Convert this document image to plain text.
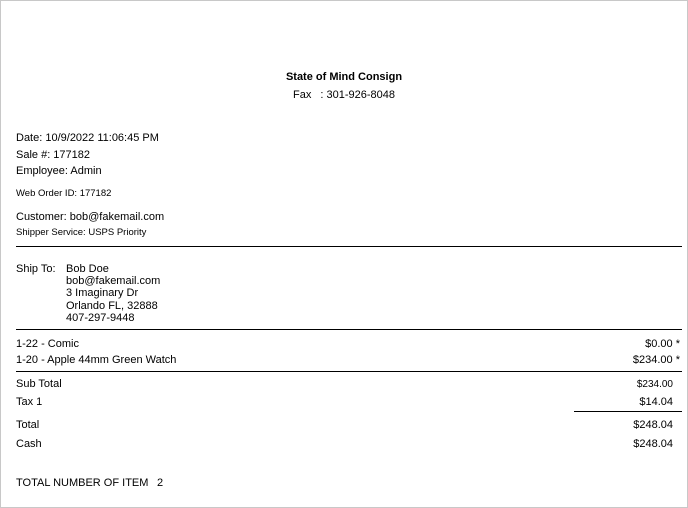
State of Mind Consign
Fax : 301-926-8048
Date: 10/9/2022 11:06:45 PM
Sale #: 177182
Employee: Admin
Web Order ID: 177182
Customer: bob@fakemail.com
Shipper Service: USPS Priority
Ship To: Bob Doe
bob@fakemail.com
3 Imaginary Dr
Orlando FL, 32888
407-297-9448
1-22 - Comic	$0.00 *
1-20 - Apple 44mm Green Watch	$234.00 *
Sub Total	$234.00
Tax 1	$14.04
Total	$248.04
Cash	$248.04
TOTAL NUMBER OF ITEM 2
